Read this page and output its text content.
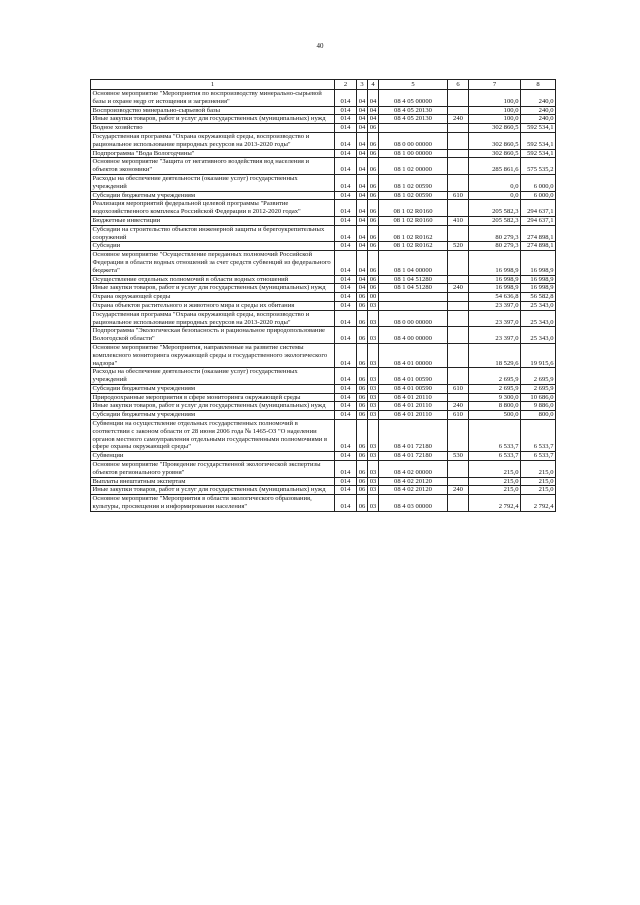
40
1	2	3	4	5	6	7	8
Основное мероприятие "Мероприятия по воспроизводству минерально-сырьевой базы и охране недр от истощения и загрязнения"	014	04	04	08 4 05 00000		100,0	240,0
Воспроизводство минерально-сырьевой базы	014	04	04	08 4 05 20130		100,0	240,0
Иные закупки товаров, работ и услуг для государственных (муниципальных) нужд	014	04	04	08 4 05 20130	240	100,0	240,0
Водное хозяйство	014	04	06			302 860,5	592 534,1
Государственная программа "Охрана окружающей среды, воспроизводство и рациональное использование природных ресурсов на 2013-2020 годы"	014	04	06	08 0 00 00000		302 860,5	592 534,1
Подпрограмма "Вода Вологодчины"	014	04	06	08 1 00 00000		302 860,5	592 534,1
Основное мероприятие "Защита от негативного воздействия вод населения и объектов экономики"	014	04	06	08 1 02 00000		285 861,6	575 535,2
Расходы на обеспечение деятельности (оказание услуг) государственных учреждений	014	04	06	08 1 02 00590		0,0	6 000,0
Субсидии бюджетным учреждениям	014	04	06	08 1 02 00590	610	0,0	6 000,0
Реализация мероприятий федеральной целевой программы "Развитие водохозяйственного комплекса Российской Федерации в 2012-2020 годах"	014	04	06	08 1 02 R0160		205 582,3	294 637,1
Бюджетные инвестиции	014	04	06	08 1 02 R0160	410	205 582,3	294 637,1
Субсидии на строительство объектов инженерной защиты и берегоукрепительных сооружений	014	04	06	08 1 02 R0162		80 279,3	274 898,1
Субсидии	014	04	06	08 1 02 R0162	520	80 279,3	274 898,1
Основное мероприятие "Осуществление переданных полномочий Российской Федерации в области водных отношений за счет средств субвенций из федерального бюджета"	014	04	06	08 1 04 00000		16 998,9	16 998,9
Осуществление отдельных полномочий в области водных отношений	014	04	06	08 1 04 51280		16 998,9	16 998,9
Иные закупки товаров, работ и услуг для государственных (муниципальных) нужд	014	04	06	08 1 04 51280	240	16 998,9	16 998,9
Охрана окружающей среды	014	06	00			54 636,8	56 582,8
Охрана объектов растительного и животного мира и среды их обитания	014	06	03			23 397,0	25 343,0
Государственная программа "Охрана окружающей среды, воспроизводство и рациональное использование природных ресурсов на 2013-2020 годы"	014	06	03	08 0 00 00000		23 397,0	25 343,0
Подпрограмма "Экологическая безопасность и рациональное природопользование Вологодской области"	014	06	03	08 4 00 00000		23 397,0	25 343,0
Основное мероприятие "Мероприятия, направленные на развитие системы комплексного мониторинга окружающей среды и государственного экологического надзора"	014	06	03	08 4 01 00000		18 529,6	19 915,6
Расходы на обеспечение деятельности (оказание услуг) государственных учреждений	014	06	03	08 4 01 00590		2 695,9	2 695,9
Субсидии бюджетным учреждениям	014	06	03	08 4 01 00590	610	2 695,9	2 695,9
Природоохранные мероприятия в сфере мониторинга окружающей среды	014	06	03	08 4 01 20110		9 300,0	10 686,0
Иные закупки товаров, работ и услуг для государственных (муниципальных) нужд	014	06	03	08 4 01 20110	240	8 800,0	9 886,0
Субсидии бюджетным учреждениям	014	06	03	08 4 01 20110	610	500,0	800,0
Субвенции на осуществление отдельных государственных полномочий в соответствии с законом области от 28 июня 2006 года № 1465-ОЗ "О наделении органов местного самоуправления отдельными государственными полномочиями в сфере охраны окружающей среды"	014	06	03	08 4 01 72180		6 533,7	6 533,7
Субвенции	014	06	03	08 4 01 72180	530	6 533,7	6 533,7
Основное мероприятие "Проведение государственной экологической экспертизы объектов регионального уровня"	014	06	03	08 4 02 00000		215,0	215,0
Выплаты внештатным экспертам	014	06	03	08 4 02 20120		215,0	215,0
Иные закупки товаров, работ и услуг для государственных (муниципальных) нужд	014	06	03	08 4 02 20120	240	215,0	215,0
Основное мероприятие "Мероприятия в области экологического образования, культуры, просвещения и информирования населения"	014	06	03	08 4 03 00000		2 792,4	2 792,4
